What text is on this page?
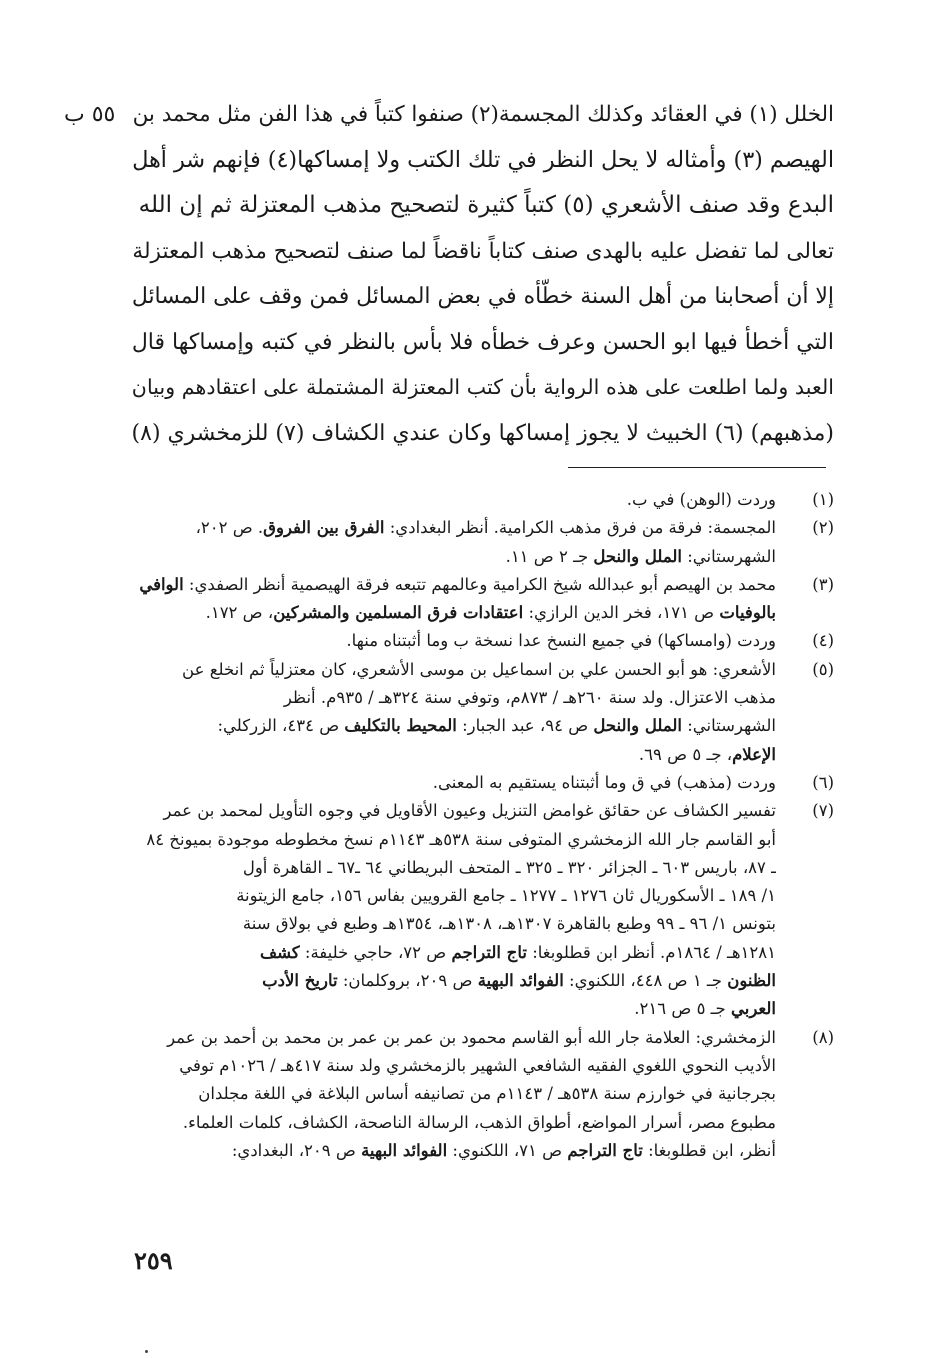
٥٥ ب الخلل (١) في العقائد وكذلك المجسمة(٢) صنفوا كتباً في هذا الفن مثل محمد بن
الهيصم (٣) وأمثاله لا يحل النظر في تلك الكتب ولا إمساكها(٤) فإنهم شر أهل
البدع وقد صنف الأشعري (٥) كتباً كثيرة لتصحيح مذهب المعتزلة ثم إن الله
تعالى لما تفضل عليه بالهدى صنف كتاباً ناقضاً لما صنف لتصحيح مذهب المعتزلة
إلا أن أصحابنا من أهل السنة خطّأه في بعض المسائل فمن وقف على المسائل
التي أخطأ فيها ابو الحسن وعرف خطأه فلا بأس بالنظر في كتبه وإمساكها قال
العبد ولما اطلعت على هذه الرواية بأن كتب المعتزلة المشتملة على اعتقادهم وبيان
(مذهبهم) (٦) الخبيث لا يجوز إمساكها وكان عندي الكشاف (٧) للزمخشري (٨)
(١)
وردت (الوهن) في ب.
(٢)
المجسمة: فرقة من فرق مذهب الكرامية. أنظر البغدادي: الفرق بين الفروق. ص ٢٠٢،
الشهرستاني: الملل والنحل جـ ٢ ص ١١.
(٣)
محمد بن الهيصم أبو عبدالله شيخ الكرامية وعالمهم تتبعه فرقة الهيصمية أنظر الصفدي: الوافي
بالوفيات ص ١٧١، فخر الدين الرازي: اعتقادات فرق المسلمين والمشركين، ص ١٧٢.
(٤)
وردت (وامساكها) في جميع النسخ عدا نسخة ب وما أثبتناه منها.
(٥)
الأشعري: هو أبو الحسن علي بن اسماعيل بن موسى الأشعري، كان معتزلياً ثم انخلع عن
مذهب الاعتزال. ولد سنة ٢٦٠هـ / ٨٧٣م، وتوفي سنة ٣٢٤هـ / ٩٣٥م. أنظر
الشهرستاني: الملل والنحل ص ٩٤، عبد الجبار: المحيط بالتكليف ص ٤٣٤، الزركلي:
الإعلام، جـ ٥ ص ٦٩.
(٦)
وردت (مذهب) في ق وما أثبتناه يستقيم به المعنى.
(٧)
تفسير الكشاف عن حقائق غوامض التنزيل وعيون الأقاويل في وجوه التأويل لمحمد بن عمر
أبو القاسم جار الله الزمخشري المتوفى سنة ٥٣٨هـ ١١٤٣م نسخ مخطوطه موجودة بميونخ ٨٤
ـ ٨٧، باريس ٦٠٣ ـ الجزائر ٣٢٠ ـ ٣٢٥ ـ المتحف البريطاني ٦٤ ـ٦٧ ـ القاهرة أول
١/ ١٨٩ ـ الأسكوريال ثان ١٢٧٦ ـ ١٢٧٧ ـ جامع القرويين بفاس ١٥٦، جامع الزيتونة
بتونس ١/ ٩٦ ـ ٩٩ وطبع بالقاهرة ١٣٠٧هـ، ١٣٠٨هـ، ١٣٥٤هـ وطبع في بولاق سنة
١٢٨١هـ / ١٨٦٤م. أنظر ابن قطلوبغا: تاج التراجم ص ٧٢، حاجي خليفة: كشف
الظنون جـ ١ ص ٤٤٨، اللكنوي: الفوائد البهية ص ٢٠٩، بروكلمان: تاريخ الأدب
العربي جـ ٥ ص ٢١٦.
(٨)
الزمخشري: العلامة جار الله أبو القاسم محمود بن عمر بن عمر بن محمد بن أحمد بن عمر
الأديب النحوي اللغوي الفقيه الشافعي الشهير بالزمخشري ولد سنة ٤١٧هـ / ١٠٢٦م توفي
بجرجانية في خوارزم سنة ٥٣٨هـ / ١١٤٣م من تصانيفه أساس البلاغة في اللغة مجلدان
مطبوع مصر، أسرار المواضع، أطواق الذهب، الرسالة الناصحة، الكشاف، كلمات العلماء.
أنظر، ابن قطلوبغا: تاج التراجم ص ٧١، اللكنوي: الفوائد البهية ص ٢٠٩، البغدادي:
٢٥٩
